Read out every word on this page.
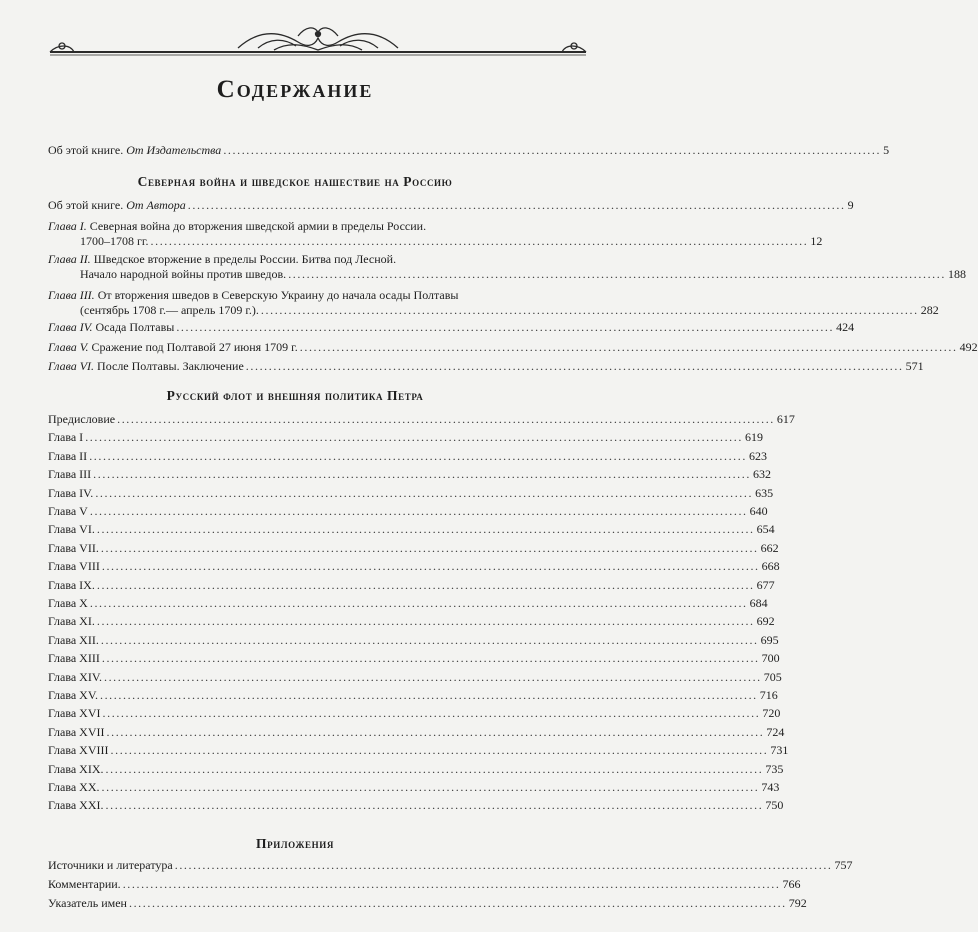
Содержание
Об этой книге. От Издательства ............................................................................................................................................... 5
Северная война и шведское нашествие на Россию
Об этой книге. От Автора ............................................................................................................................................... 9
Глава I. Северная война до вторжения шведской армии в пределы России.
1700–1708 гг. ............................................................................................................................................... 12
Глава II. Шведское вторжение в пределы России. Битва под Лесной.
Начало народной войны против шведов. ............................................................................................................................................... 188
Глава III. От вторжения шведов в Северскую Украину до начала осады Полтавы
(сентябрь 1708 г.— апрель 1709 г.). ............................................................................................................................................... 282
Глава IV. Осада Полтавы ............................................................................................................................................... 424
Глава V. Сражение под Полтавой 27 июня 1709 г. ............................................................................................................................................... 492
Глава VI. После Полтавы. Заключение ............................................................................................................................................... 571
Русский флот и внешняя политика Петра
Предисловие ............................................................................................................................................... 617
Глава I ............................................................................................................................................... 619
Глава II ............................................................................................................................................... 623
Глава III ............................................................................................................................................... 632
Глава IV. ............................................................................................................................................... 635
Глава V ............................................................................................................................................... 640
Глава VI. ............................................................................................................................................... 654
Глава VII. ............................................................................................................................................... 662
Глава VIII ............................................................................................................................................... 668
Глава IX. ............................................................................................................................................... 677
Глава X ............................................................................................................................................... 684
Глава XI. ............................................................................................................................................... 692
Глава XII. ............................................................................................................................................... 695
Глава XIII ............................................................................................................................................... 700
Глава XIV. ............................................................................................................................................... 705
Глава XV. ............................................................................................................................................... 716
Глава XVI ............................................................................................................................................... 720
Глава XVII ............................................................................................................................................... 724
Глава XVIII ............................................................................................................................................... 731
Глава XIX. ............................................................................................................................................... 735
Глава XX. ............................................................................................................................................... 743
Глава XXI. ............................................................................................................................................... 750
Приложения
Источники и литература ............................................................................................................................................... 757
Комментарии. ............................................................................................................................................... 766
Указатель имен ............................................................................................................................................... 792
